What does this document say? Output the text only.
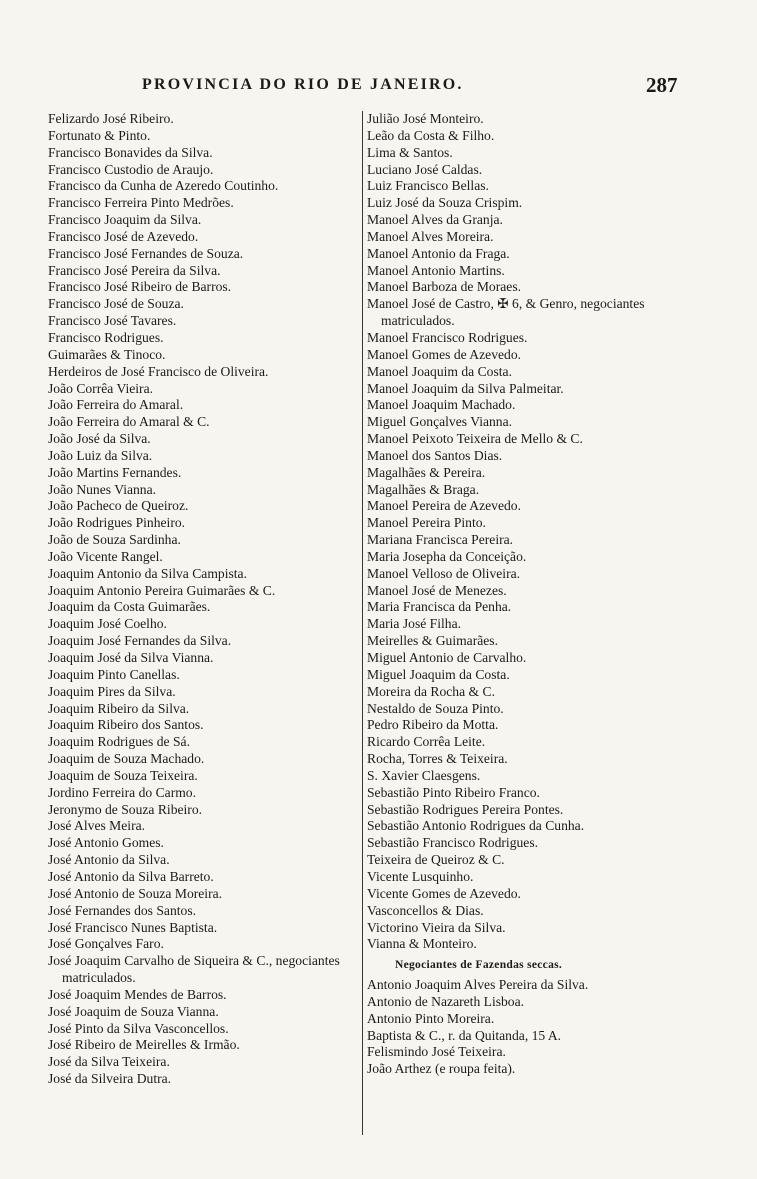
PROVINCIA DO RIO DE JANEIRO.	287
Felizardo José Ribeiro.
Fortunato & Pinto.
Francisco Bonavides da Silva.
Francisco Custodio de Araujo.
Francisco da Cunha de Azeredo Coutinho.
Francisco Ferreira Pinto Medrões.
Francisco Joaquim da Silva.
Francisco José de Azevedo.
Francisco José Fernandes de Souza.
Francisco José Pereira da Silva.
Francisco José Ribeiro de Barros.
Francisco José de Souza.
Francisco José Tavares.
Francisco Rodrigues.
Guimarães & Tinoco.
Herdeiros de José Francisco de Oliveira.
João Corrêa Vieira.
João Ferreira do Amaral.
João Ferreira do Amaral & C.
João José da Silva.
João Luiz da Silva.
João Martins Fernandes.
João Nunes Vianna.
João Pacheco de Queiroz.
João Rodrigues Pinheiro.
João de Souza Sardinha.
João Vicente Rangel.
Joaquim Antonio da Silva Campista.
Joaquim Antonio Pereira Guimarães & C.
Joaquim da Costa Guimarães.
Joaquim José Coelho.
Joaquim José Fernandes da Silva.
Joaquim José da Silva Vianna.
Joaquim Pinto Canellas.
Joaquim Pires da Silva.
Joaquim Ribeiro da Silva.
Joaquim Ribeiro dos Santos.
Joaquim Rodrigues de Sá.
Joaquim de Souza Machado.
Joaquim de Souza Teixeira.
Jordino Ferreira do Carmo.
Jeronymo de Souza Ribeiro.
José Alves Meira.
José Antonio Gomes.
José Antonio da Silva.
José Antonio da Silva Barreto.
José Antonio de Souza Moreira.
José Fernandes dos Santos.
José Francisco Nunes Baptista.
José Gonçalves Faro.
José Joaquim Carvalho de Siqueira & C., negociantes matriculados.
José Joaquim Mendes de Barros.
José Joaquim de Souza Vianna.
José Pinto da Silva Vasconcellos.
José Ribeiro de Meirelles & Irmão.
José da Silva Teixeira.
José da Silveira Dutra.
Julião José Monteiro.
Leão da Costa & Filho.
Lima & Santos.
Luciano José Caldas.
Luiz Francisco Bellas.
Luiz José da Souza Crispim.
Manoel Alves da Granja.
Manoel Alves Moreira.
Manoel Antonio da Fraga.
Manoel Antonio Martins.
Manoel Barboza de Moraes.
Manoel José de Castro, ✠ 6, & Genro, negociantes matriculados.
Manoel Francisco Rodrigues.
Manoel Gomes de Azevedo.
Manoel Joaquim da Costa.
Manoel Joaquim da Silva Palmeitar.
Manoel Joaquim Machado.
Miguel Gonçalves Vianna.
Manoel Peixoto Teixeira de Mello & C.
Manoel dos Santos Dias.
Magalhães & Pereira.
Magalhães & Braga.
Manoel Pereira de Azevedo.
Manoel Pereira Pinto.
Mariana Francisca Pereira.
Maria Josepha da Conceição.
Manoel Velloso de Oliveira.
Manoel José de Menezes.
Maria Francisca da Penha.
Maria José Filha.
Meirelles & Guimarães.
Miguel Antonio de Carvalho.
Miguel Joaquim da Costa.
Moreira da Rocha & C.
Nestaldo de Souza Pinto.
Pedro Ribeiro da Motta.
Ricardo Corrêa Leite.
Rocha, Torres & Teixeira.
S. Xavier Claesgens.
Sebastião Pinto Ribeiro Franco.
Sebastião Rodrigues Pereira Pontes.
Sebastião Antonio Rodrigues da Cunha.
Sebastião Francisco Rodrigues.
Teixeira de Queiroz & C.
Vicente Lusquinho.
Vicente Gomes de Azevedo.
Vasconcellos & Dias.
Victorino Vieira da Silva.
Vianna & Monteiro.
Negociantes de Fazendas seccas.
Antonio Joaquim Alves Pereira da Silva.
Antonio de Nazareth Lisboa.
Antonio Pinto Moreira.
Baptista & C., r. da Quitanda, 15 A.
Felismindo José Teixeira.
João Arthez (e roupa feita).
